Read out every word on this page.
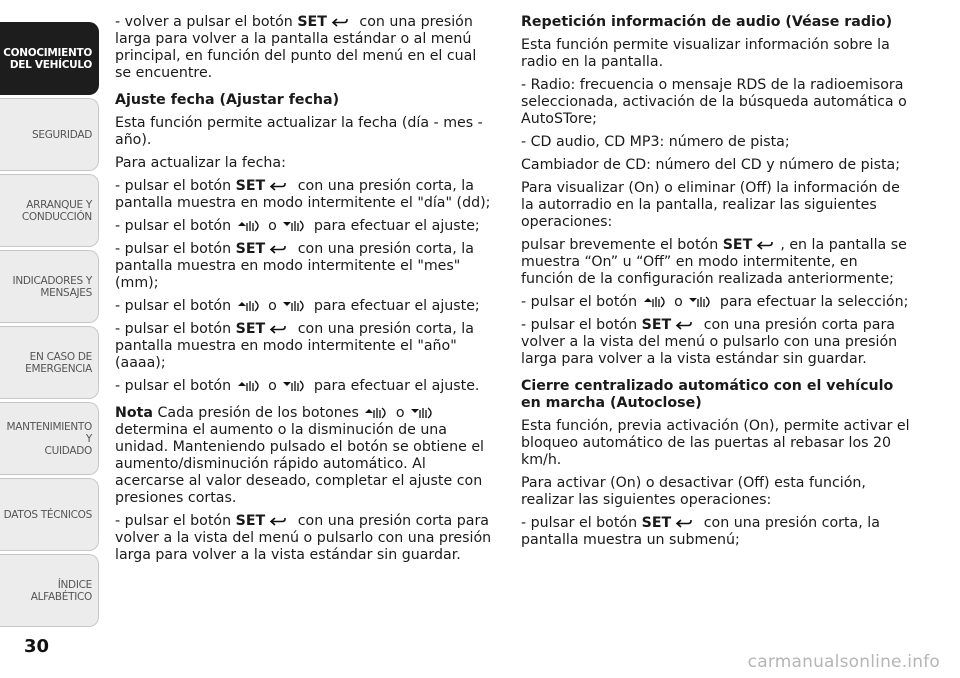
CONOCIMIENTO
DEL VEHÍCULO
SEGURIDAD
ARRANQUE Y
CONDUCCIÓN
INDICADORES Y
MENSAJES
EN CASO DE
EMERGENCIA
MANTENIMIENTO Y
CUIDADO
DATOS TÉCNICOS
ÍNDICE ALFABÉTICO
30

- volver a pulsar el botón SET con una presión larga para volver a la pantalla estándar o al menú principal, en función del punto del menú en el cual se encuentre.

Ajuste fecha (Ajustar fecha)

Esta función permite actualizar la fecha (día - mes - año).

Para actualizar la fecha:

- pulsar el botón SET con una presión corta, la pantalla muestra en modo intermitente el "día" (dd);

- pulsar el botón	o	para efectuar el ajuste;

- pulsar el botón SET con una presión corta, la pantalla muestra en modo intermitente el "mes" (mm);

- pulsar el botón	o	para efectuar el ajuste;

- pulsar el botón SET con una presión corta, la pantalla muestra en modo intermitente el "año" (aaaa);

- pulsar el botón	o	para efectuar el ajuste.

Nota Cada presión de los botones	o  determina el aumento o la disminución de una unidad. Manteniendo pulsado el botón se obtiene el aumento/disminución rápido automático. Al acercarse al valor deseado, completar el ajuste con presiones cortas.

- pulsar el botón SET con una presión corta para volver a la vista del menú o pulsarlo con una presión larga para volver a la vista estándar sin guardar.

Repetición información de audio (Véase radio)

Esta función permite visualizar información sobre la radio en la pantalla.

- Radio: frecuencia o mensaje RDS de la radioemisora seleccionada, activación de la búsqueda automática o AutoSTore;

- CD audio, CD MP3: número de pista;

Cambiador de CD: número del CD y número de pista;

Para visualizar (On) o eliminar (Off) la información de la autorradio en la pantalla, realizar las siguientes operaciones:

pulsar brevemente el botón SET , en la pantalla se muestra “On” u “Off” en modo intermitente, en función de la configuración realizada anteriormente;

- pulsar el botón	o	para efectuar la selección;

- pulsar el botón SET con una presión corta para volver a la vista del menú o pulsarlo con una presión larga para volver a la vista estándar sin guardar.

Cierre centralizado automático con el vehículo en marcha (Autoclose)

Esta función, previa activación (On), permite activar el bloqueo automático de las puertas al rebasar los 20 km/h.

Para activar (On) o desactivar (Off) esta función, realizar las siguientes operaciones:

- pulsar el botón SET con una presión corta, la pantalla muestra un submenú;

carmanualsonline.info
